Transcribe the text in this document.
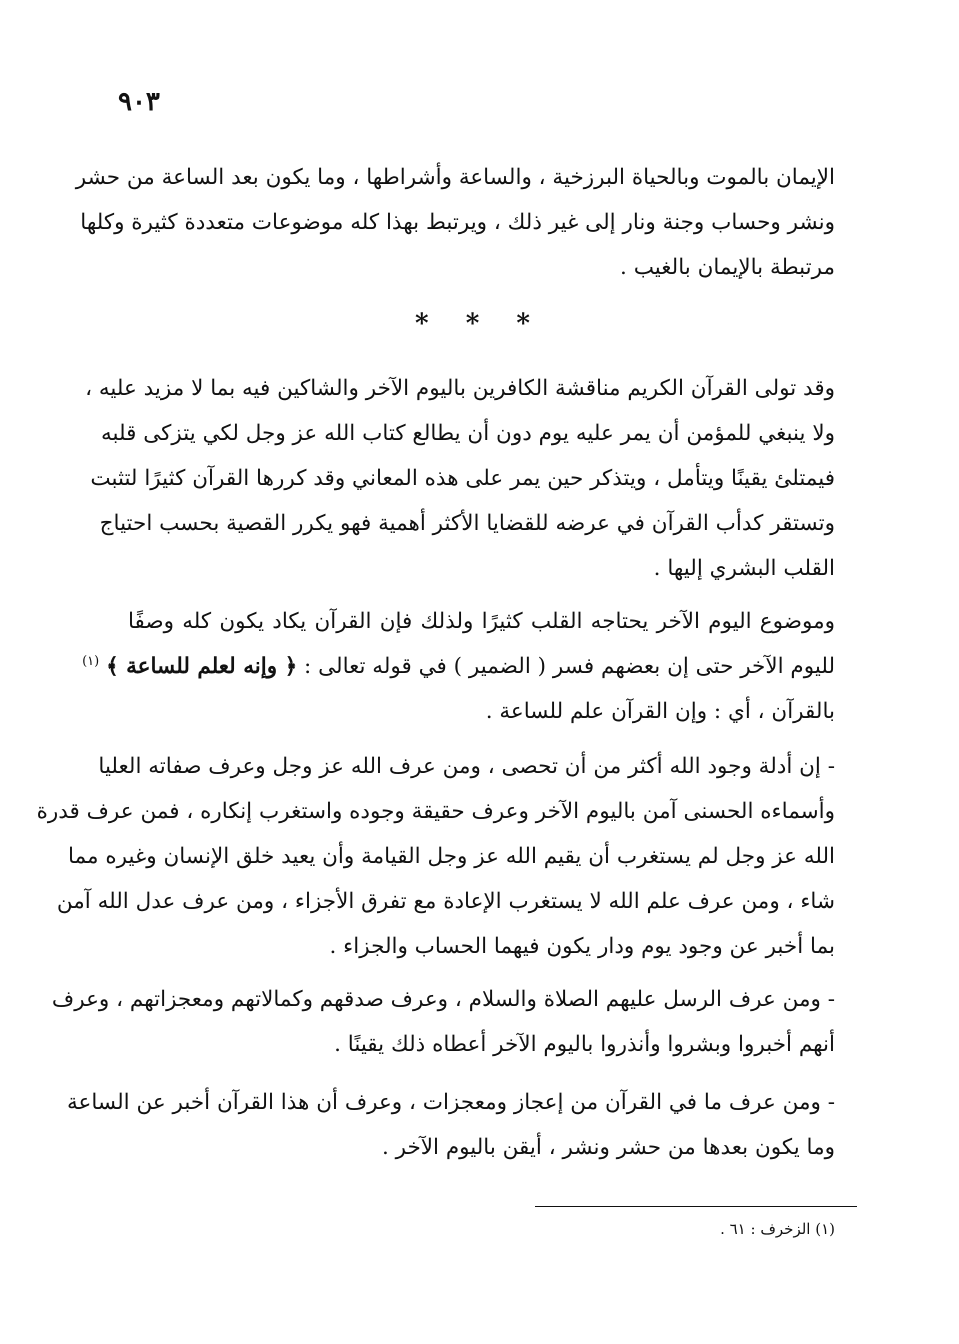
٩٠٣
الإيمان بالموت وبالحياة البرزخية ، والساعة وأشراطها ، وما يكون بعد الساعة من حشر
ونشر وحساب وجنة ونار إلى غير ذلك ، ويرتبط بهذا كله موضوعات متعددة كثيرة وكلها
مرتبطة بالإيمان بالغيب .
* * *
وقد تولى القرآن الكريم مناقشة الكافرين باليوم الآخر والشاكين فيه بما لا مزيد عليه ،
ولا ينبغي للمؤمن أن يمر عليه يوم دون أن يطالع كتاب الله عز وجل لكي يتزكى قلبه
فيمتلئ يقينًا ويتأمل ، ويتذكر حين يمر على هذه المعاني وقد كررها القرآن كثيرًا لتثبت
وتستقر كدأب القرآن في عرضه للقضايا الأكثر أهمية فهو يكرر القصية بحسب احتياج
القلب البشري إليها .
وموضوع اليوم الآخر يحتاجه القلب كثيرًا ولذلك فإن القرآن يكاد يكون كله وصفًا
لليوم الآخر حتى إن بعضهم فسر ( الضمير ) في قوله تعالى : ﴿ وإنه لعلم للساعة ﴾ $^{(١)}$
بالقرآن ، أي : وإن القرآن علم للساعة .
- إن أدلة وجود الله أكثر من أن تحصى ، ومن عرف الله عز وجل وعرف صفاته العليا
وأسماءه الحسنى آمن باليوم الآخر وعرف حقيقة وجوده واستغرب إنكاره ، فمن عرف قدرة
الله عز وجل لم يستغرب أن يقيم الله عز وجل القيامة وأن يعيد خلق الإنسان وغيره مما
شاء ، ومن عرف علم الله لا يستغرب الإعادة مع تفرق الأجزاء ، ومن عرف عدل الله آمن
بما أخبر عن وجود يوم ودار يكون فيهما الحساب والجزاء .
- ومن عرف الرسل عليهم الصلاة والسلام ، وعرف صدقهم وكمالاتهم ومعجزاتهم ، وعرف
أنهم أخبروا وبشروا وأنذروا باليوم الآخر أعطاه ذلك يقينًا .
- ومن عرف ما في القرآن من إعجاز ومعجزات ، وعرف أن هذا القرآن أخبر عن الساعة
وما يكون بعدها من حشر ونشر ، أيقن باليوم الآخر .
(١) الزخرف : ٦١ .
